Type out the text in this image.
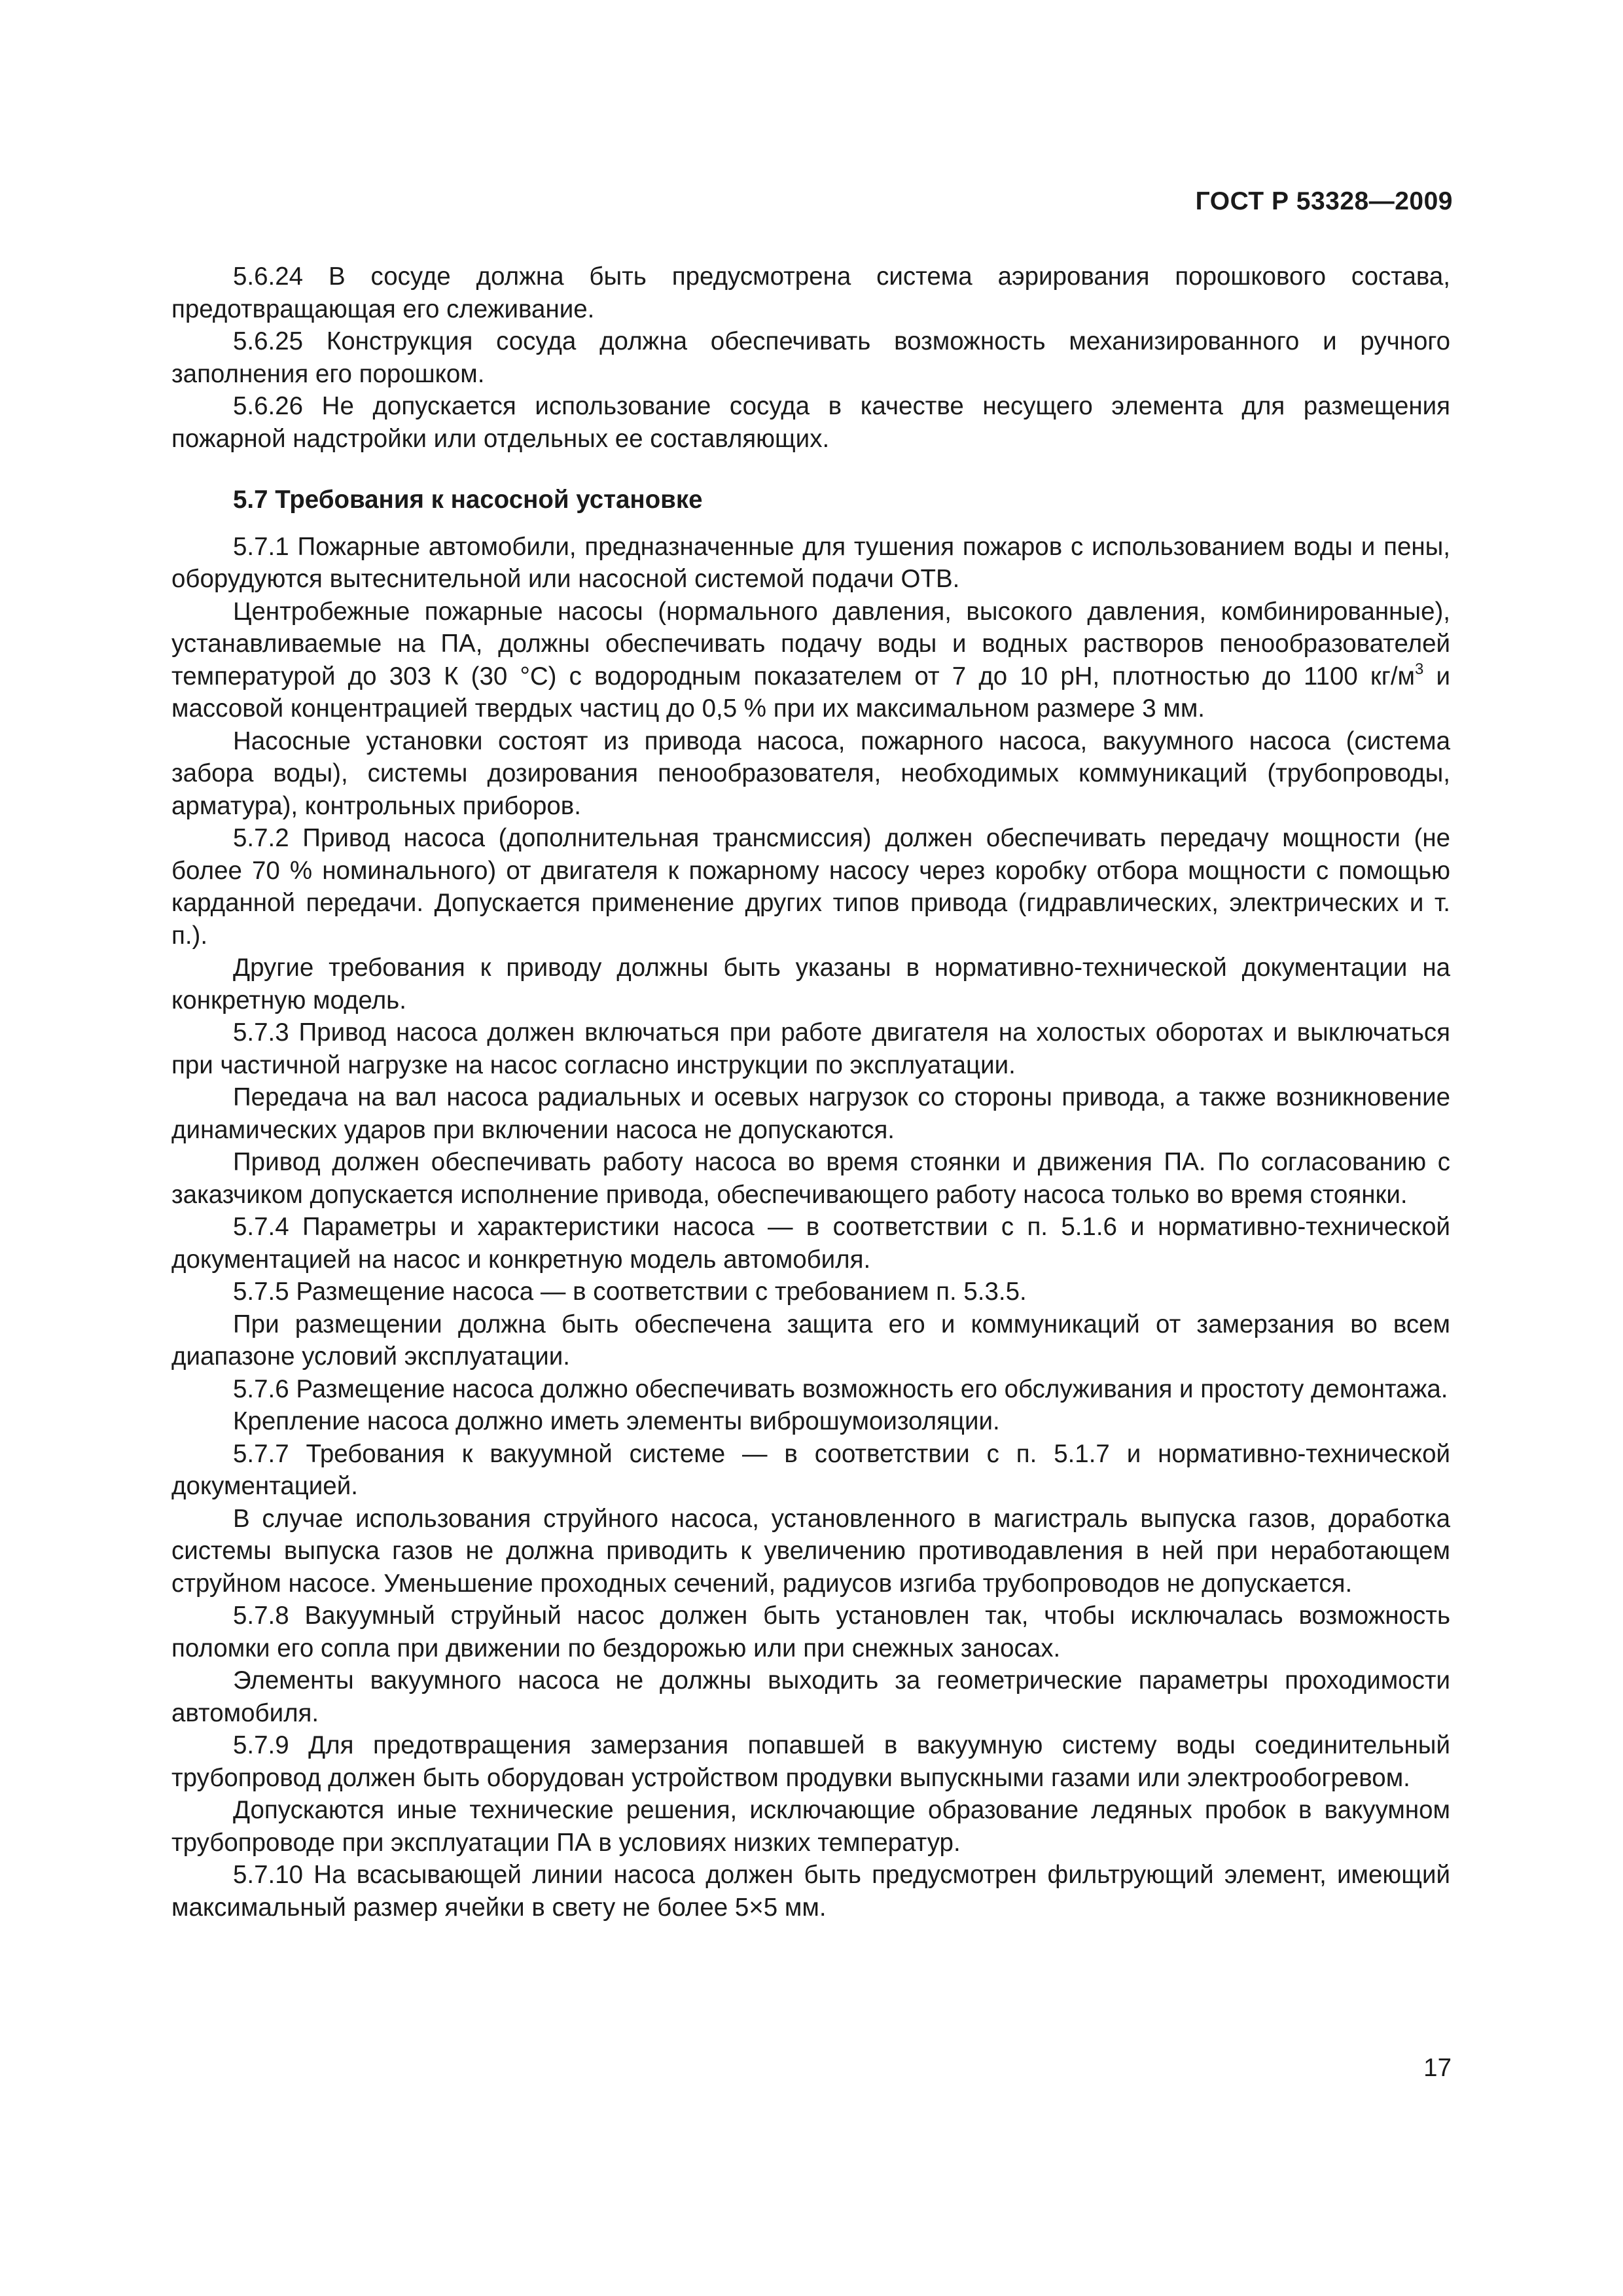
ГОСТ Р 53328—2009

5.6.24 В сосуде должна быть предусмотрена система аэрирования порошкового состава, предотвращающая его слеживание.

5.6.25 Конструкция сосуда должна обеспечивать возможность механизированного и ручного заполнения его порошком.

5.6.26 Не допускается использование сосуда в качестве несущего элемента для размещения пожарной надстройки или отдельных ее составляющих.

5.7 Требования к насосной установке

5.7.1 Пожарные автомобили, предназначенные для тушения пожаров с использованием воды и пены, оборудуются вытеснительной или насосной системой подачи ОТВ.

Центробежные пожарные насосы (нормального давления, высокого давления, комбинированные), устанавливаемые на ПА, должны обеспечивать подачу воды и водных растворов пенообразователей температурой до 303 К (30 °С) с водородным показателем от 7 до 10 рН, плотностью до 1100 $кг/м^3$ и массовой концентрацией твердых частиц до 0,5 % при их максимальном размере 3 мм.

Насосные установки состоят из привода насоса, пожарного насоса, вакуумного насоса (система забора воды), системы дозирования пенообразователя, необходимых коммуникаций (трубопроводы, арматура), контрольных приборов.

5.7.2 Привод насоса (дополнительная трансмиссия) должен обеспечивать передачу мощности (не более 70 % номинального) от двигателя к пожарному насосу через коробку отбора мощности с помощью карданной передачи. Допускается применение других типов привода (гидравлических, электрических и т. п.).

Другие требования к приводу должны быть указаны в нормативно-технической документации на конкретную модель.

5.7.3 Привод насоса должен включаться при работе двигателя на холостых оборотах и выключаться при частичной нагрузке на насос согласно инструкции по эксплуатации.

Передача на вал насоса радиальных и осевых нагрузок со стороны привода, а также возникновение динамических ударов при включении насоса не допускаются.

Привод должен обеспечивать работу насоса во время стоянки и движения ПА. По согласованию с заказчиком допускается исполнение привода, обеспечивающего работу насоса только во время стоянки.

5.7.4 Параметры и характеристики насоса — в соответствии с п. 5.1.6 и нормативно-технической документацией на насос и конкретную модель автомобиля.

5.7.5 Размещение насоса — в соответствии с требованием п. 5.3.5.

При размещении должна быть обеспечена защита его и коммуникаций от замерзания во всем диапазоне условий эксплуатации.

5.7.6 Размещение насоса должно обеспечивать возможность его обслуживания и простоту демонтажа.

Крепление насоса должно иметь элементы виброшумоизоляции.

5.7.7 Требования к вакуумной системе — в соответствии с п. 5.1.7 и нормативно-технической документацией.

В случае использования струйного насоса, установленного в магистраль выпуска газов, доработка системы выпуска газов не должна приводить к увеличению противодавления в ней при неработающем струйном насосе. Уменьшение проходных сечений, радиусов изгиба трубопроводов не допускается.

5.7.8 Вакуумный струйный насос должен быть установлен так, чтобы исключалась возможность поломки его сопла при движении по бездорожью или при снежных заносах.

Элементы вакуумного насоса не должны выходить за геометрические параметры проходимости автомобиля.

5.7.9 Для предотвращения замерзания попавшей в вакуумную систему воды соединительный трубопровод должен быть оборудован устройством продувки выпускными газами или электрообогревом.

Допускаются иные технические решения, исключающие образование ледяных пробок в вакуумном трубопроводе при эксплуатации ПА в условиях низких температур.

5.7.10 На всасывающей линии насоса должен быть предусмотрен фильтрующий элемент, имеющий максимальный размер ячейки в свету не более 5×5 мм.

17
